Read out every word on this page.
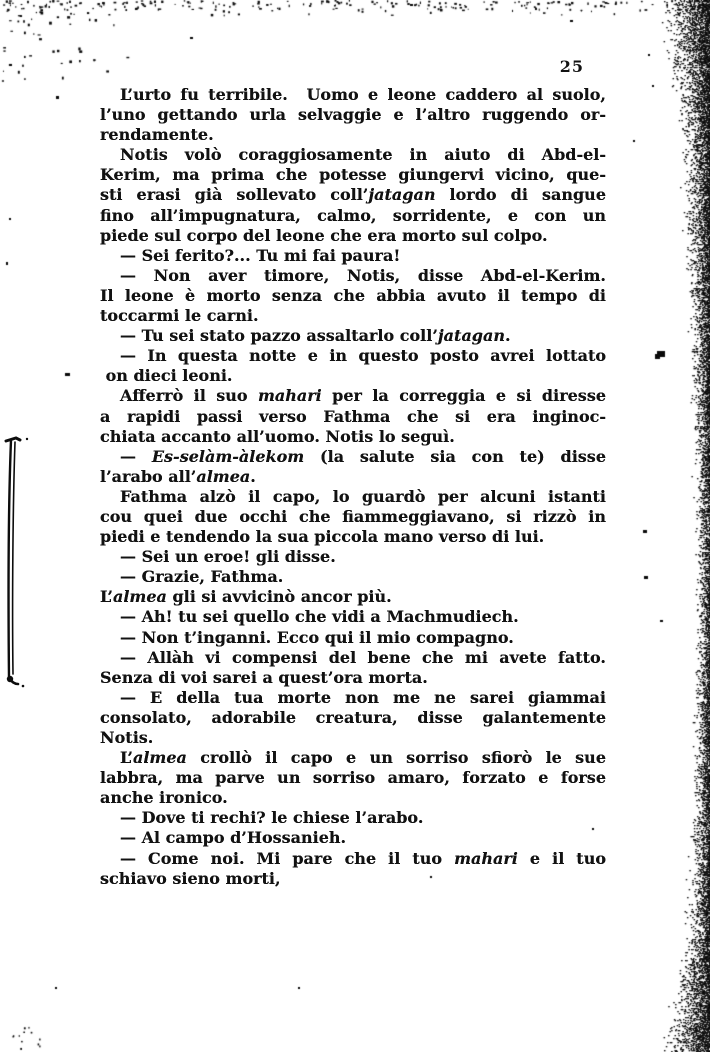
25
L’urto fu terribile.  Uomo e leone caddero al suolo,
l’uno gettando urla selvaggie e l’altro ruggendo or-
rendamente.
Notis volò coraggiosamente in aiuto di Abd-el-
Kerim, ma prima che potesse giungervi vicino, que-
sti erasi già sollevato coll’jatagan lordo di sangue
fino all’impugnatura, calmo, sorridente, e con un
piede sul corpo del leone che era morto sul colpo.
— Sei ferito?... Tu mi fai paura!
— Non aver timore, Notis, disse Abd-el-Kerim.
Il leone è morto senza che abbia avuto il tempo di
toccarmi le carni.
— Tu sei stato pazzo assaltarlo coll’jatagan.
— In questa notte e in questo posto avrei lottato
on dieci leoni.
Afferrò il suo mahari per la correggia e si diresse
a rapidi passi verso Fathma che si era inginoc-
chiata accanto all’uomo. Notis lo seguì.
— Es-selàm-àlekom (la salute sia con te) disse
l’arabo all’almea.
Fathma alzò il capo, lo guardò per alcuni istanti
cou quei due occhi che fiammeggiavano, si rizzò in
piedi e tendendo la sua piccola mano verso di lui.
— Sei un eroe! gli disse.
— Grazie, Fathma.
L’almea gli si avvicinò ancor più.
— Ah! tu sei quello che vidi a Machmudiech.
— Non t’inganni. Ecco qui il mio compagno.
— Allàh vi compensi del bene che mi avete fatto.
Senza di voi sarei a quest’ora morta.
— E della tua morte non me ne sarei giammai
consolato, adorabile creatura, disse galantemente
Notis.
L’almea crollò il capo e un sorriso sfiorò le sue
labbra, ma parve un sorriso amaro, forzato e forse
anche ironico.
— Dove ti rechi? le chiese l’arabo.
— Al campo d’Hossanieh.
— Come noi. Mi pare che il tuo mahari e il tuo
schiavo sieno morti,
